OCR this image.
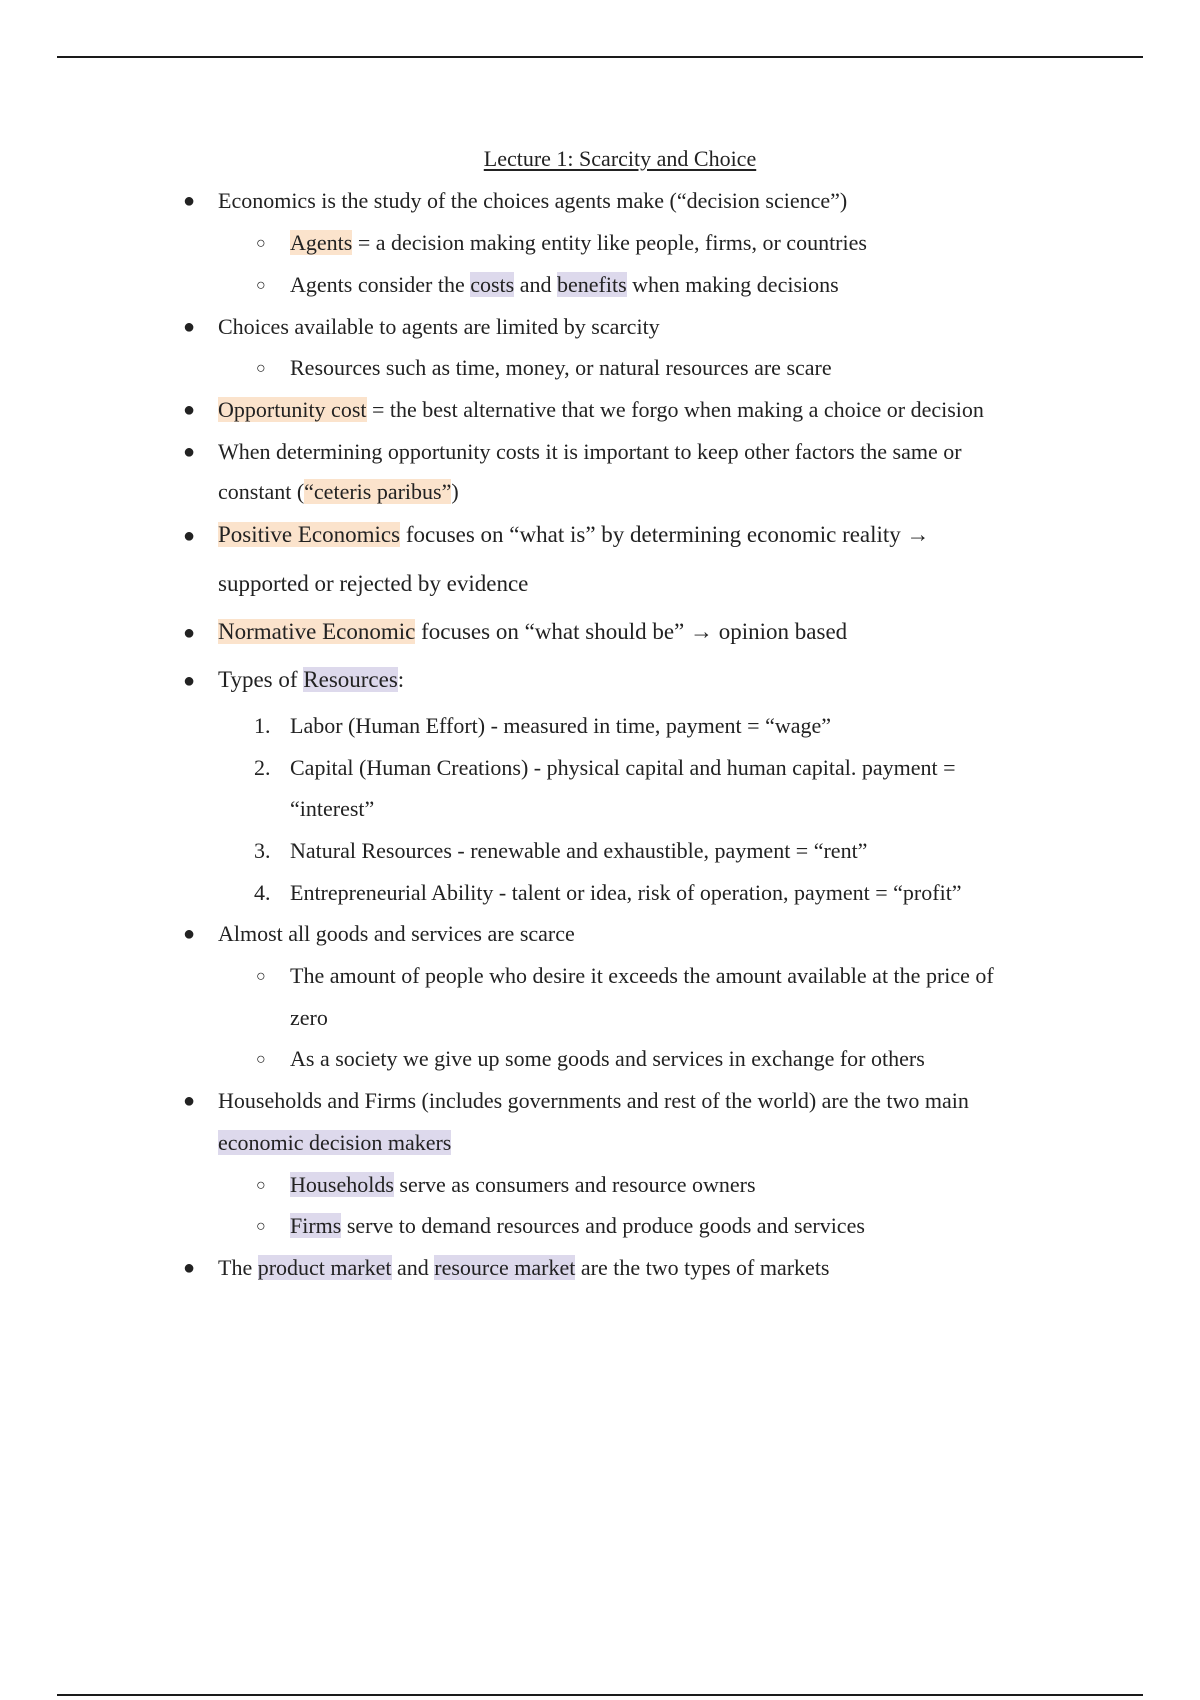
Lecture 1: Scarcity and Choice
● Economics is the study of the choices agents make (“decision science”)
○ Agents = a decision making entity like people, firms, or countries
○ Agents consider the costs and benefits when making decisions
● Choices available to agents are limited by scarcity
○ Resources such as time, money, or natural resources are scare
● Opportunity cost = the best alternative that we forgo when making a choice or decision
● When determining opportunity costs it is important to keep other factors the same or
constant (“ceteris paribus”)
● Positive Economics focuses on “what is” by determining economic reality →
supported or rejected by evidence
● Normative Economic focuses on “what should be” → opinion based
● Types of Resources:
1. Labor (Human Effort) - measured in time, payment = “wage”
2. Capital (Human Creations) - physical capital and human capital. payment =
“interest”
3. Natural Resources - renewable and exhaustible, payment = “rent”
4. Entrepreneurial Ability - talent or idea, risk of operation, payment = “profit”
● Almost all goods and services are scarce
○ The amount of people who desire it exceeds the amount available at the price of
zero
○ As a society we give up some goods and services in exchange for others
● Households and Firms (includes governments and rest of the world) are the two main
economic decision makers
○ Households serve as consumers and resource owners
○ Firms serve to demand resources and produce goods and services
● The product market and resource market are the two types of markets
